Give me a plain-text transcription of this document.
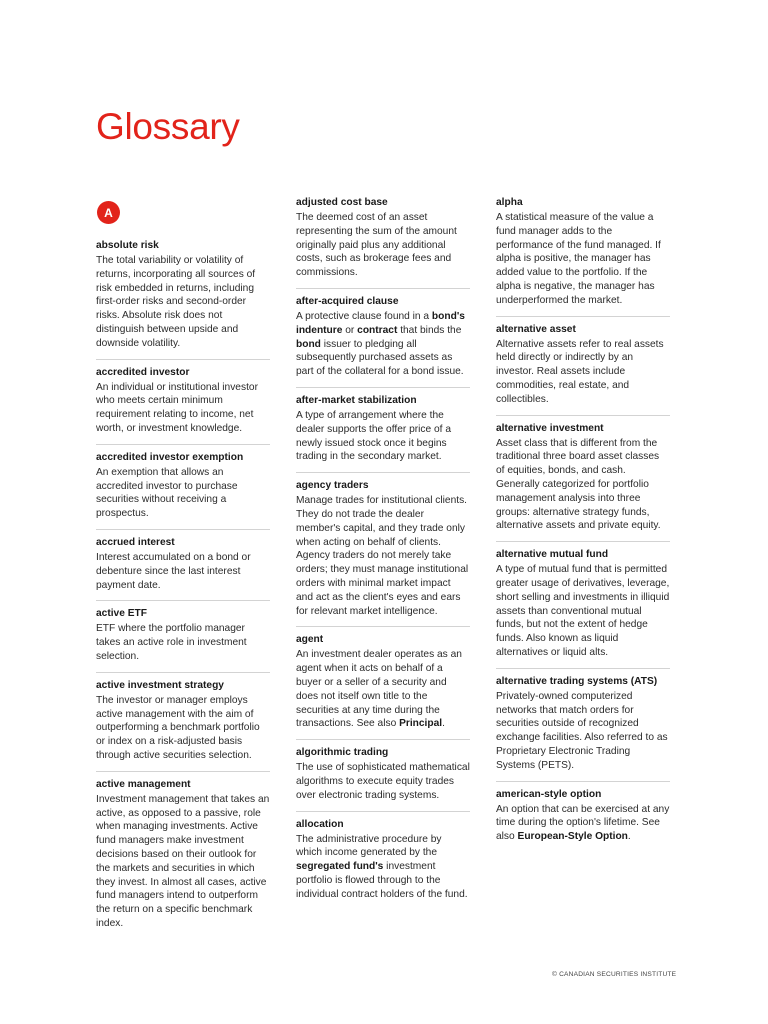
Glossary
A

absolute risk

The total variability or volatility of returns, incorporating all sources of risk embedded in returns, including first-order risks and second-order risks. Absolute risk does not distinguish between upside and downside volatility.

accredited investor

An individual or institutional investor who meets certain minimum requirement relating to income, net worth, or investment knowledge.

accredited investor exemption

An exemption that allows an accredited investor to purchase securities without receiving a prospectus.

accrued interest

Interest accumulated on a bond or debenture since the last interest payment date.

active ETF

ETF where the portfolio manager takes an active role in investment selection.

active investment strategy

The investor or manager employs active management with the aim of outperforming a benchmark portfolio or index on a risk-adjusted basis through active securities selection.

active management

Investment management that takes an active, as opposed to a passive, role when managing investments. Active fund managers make investment decisions based on their outlook for the markets and securities in which they invest. In almost all cases, active fund managers intend to outperform the return on a specific benchmark index.

adjusted cost base

The deemed cost of an asset representing the sum of the amount originally paid plus any additional costs, such as brokerage fees and commissions.

after-acquired clause

A protective clause found in a bond's indenture or contract that binds the bond issuer to pledging all subsequently purchased assets as part of the collateral for a bond issue.

after-market stabilization

A type of arrangement where the dealer supports the offer price of a newly issued stock once it begins trading in the secondary market.

agency traders

Manage trades for institutional clients. They do not trade the dealer member's capital, and they trade only when acting on behalf of clients. Agency traders do not merely take orders; they must manage institutional orders with minimal market impact and act as the client's eyes and ears for relevant market intelligence.

agent

An investment dealer operates as an agent when it acts on behalf of a buyer or a seller of a security and does not itself own title to the securities at any time during the transactions. See also Principal.

algorithmic trading

The use of sophisticated mathematical algorithms to execute equity trades over electronic trading systems.

allocation

The administrative procedure by which income generated by the segregated fund's investment portfolio is flowed through to the individual contract holders of the fund.

alpha

A statistical measure of the value a fund manager adds to the performance of the fund managed. If alpha is positive, the manager has added value to the portfolio. If the alpha is negative, the manager has underperformed the market.

alternative asset

Alternative assets refer to real assets held directly or indirectly by an investor. Real assets include commodities, real estate, and collectibles.

alternative investment

Asset class that is different from the traditional three board asset classes of equities, bonds, and cash. Generally categorized for portfolio management analysis into three groups: alternative strategy funds, alternative assets and private equity.

alternative mutual fund

A type of mutual fund that is permitted greater usage of derivatives, leverage, short selling and investments in illiquid assets than conventional mutual funds, but not the extent of hedge funds. Also known as liquid alternatives or liquid alts.

alternative trading systems (ATS)

Privately-owned computerized networks that match orders for securities outside of recognized exchange facilities. Also referred to as Proprietary Electronic Trading Systems (PETS).

american-style option

An option that can be exercised at any time during the option's lifetime. See also European-Style Option.

© CANADIAN SECURITIES INSTITUTE
